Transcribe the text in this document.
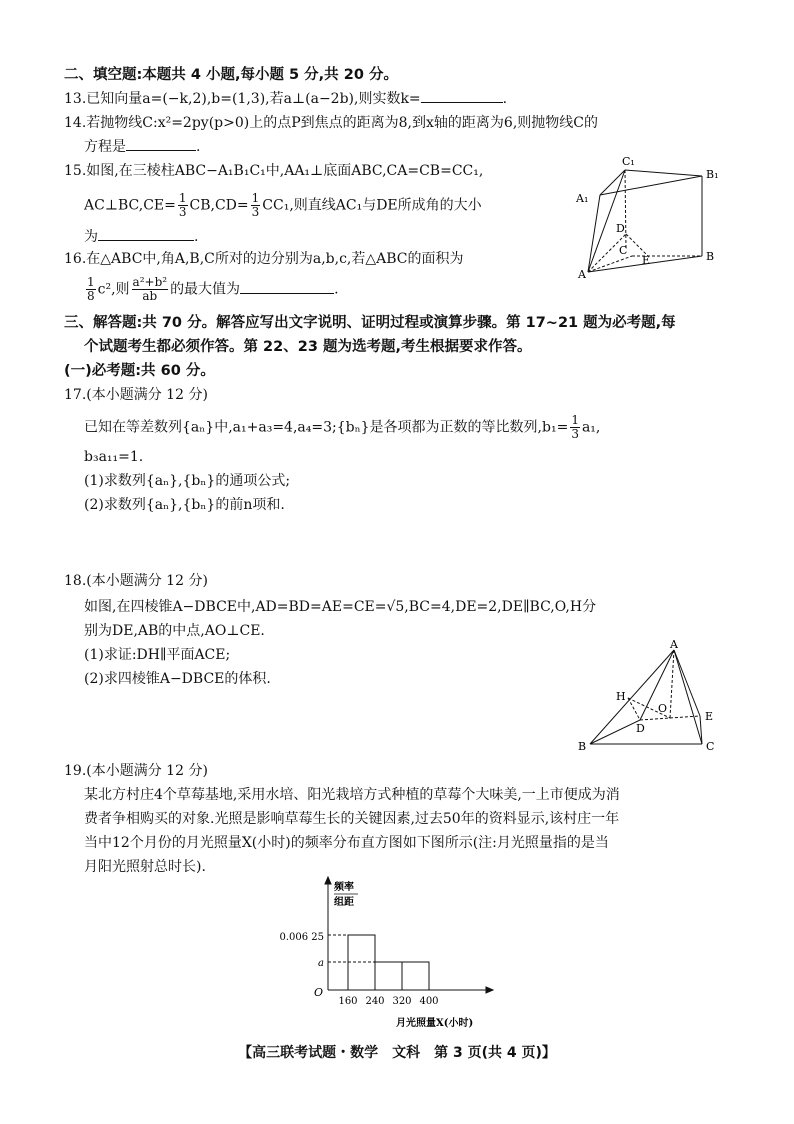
二、填空题:本题共 4 小题,每小题 5 分,共 20 分。
13.已知向量a=(−k,2),b=(1,3),若a⊥(a−2b),则实数k=	.
14.若抛物线C:x²=2py(p>0)上的点P到焦点的距离为8,到x轴的距离为6,则抛物线C的
方程是	.
15.如图,在三棱柱ABC−A₁B₁C₁中,AA₁⊥底面ABC,CA=CB=CC₁,
AC⊥BC,CE= $\frac{1}{3} CB,CD= \frac{1}{3} CC_1$,则直线AC₁与DE所成角的大小
为	.
C₁
B₁
A₁
D
C
E
A
B
16.在△ABC中,角A,B,C所对的边分别为a,b,c,若△ABC的面积为
$\frac{1}{8} c^2$,则 $\frac{\text{a²+b²}}{ab}$ 的最大值为	.
三、解答题:共 70 分。解答应写出文字说明、证明过程或演算步骤。第 17~21 题为必考题,每
个试题考生都必须作答。第 22、23 题为选考题,考生根据要求作答。
(一)必考题:共 60 分。
17.(本小题满分 12 分)
已知在等差数列{aₙ}中,a₁+a₃=4,a₄=3;{bₙ}是各项都为正数的等比数列$,b_1= \frac{1}{3} a_1$,
b₃a₁₁=1.
(1)求数列{aₙ},{bₙ}的通项公式;
(2)求数列{aₙ},{bₙ}的前n项和.
18.(本小题满分 12 分)
如图,在四棱锥A−DBCE中,AD=BD=AE=CE=√5,BC=4,DE=2,DE∥BC,O,H分
别为DE,AB的中点,AO⊥CE.
(1)求证:DH∥平面ACE;
(2)求四棱锥A−DBCE的体积.
A
H
O
D
E
B	C
19.(本小题满分 12 分)
某北方村庄4个草莓基地,采用水培、阳光栽培方式种植的草莓个大味美,一上市便成为消
费者争相购买的对象.光照是影响草莓生长的关键因素,过去50年的资料显示,该村庄一年
当中12个月份的月光照量X(小时)的频率分布直方图如下图所示(注:月光照量指的是当
月阳光照射总时长).
频率
组距
O
0.006 25
a
月光照量X(小时)
160 240 320 400
【高三联考试题・数学　文科　第 3 页(共 4 页)】
